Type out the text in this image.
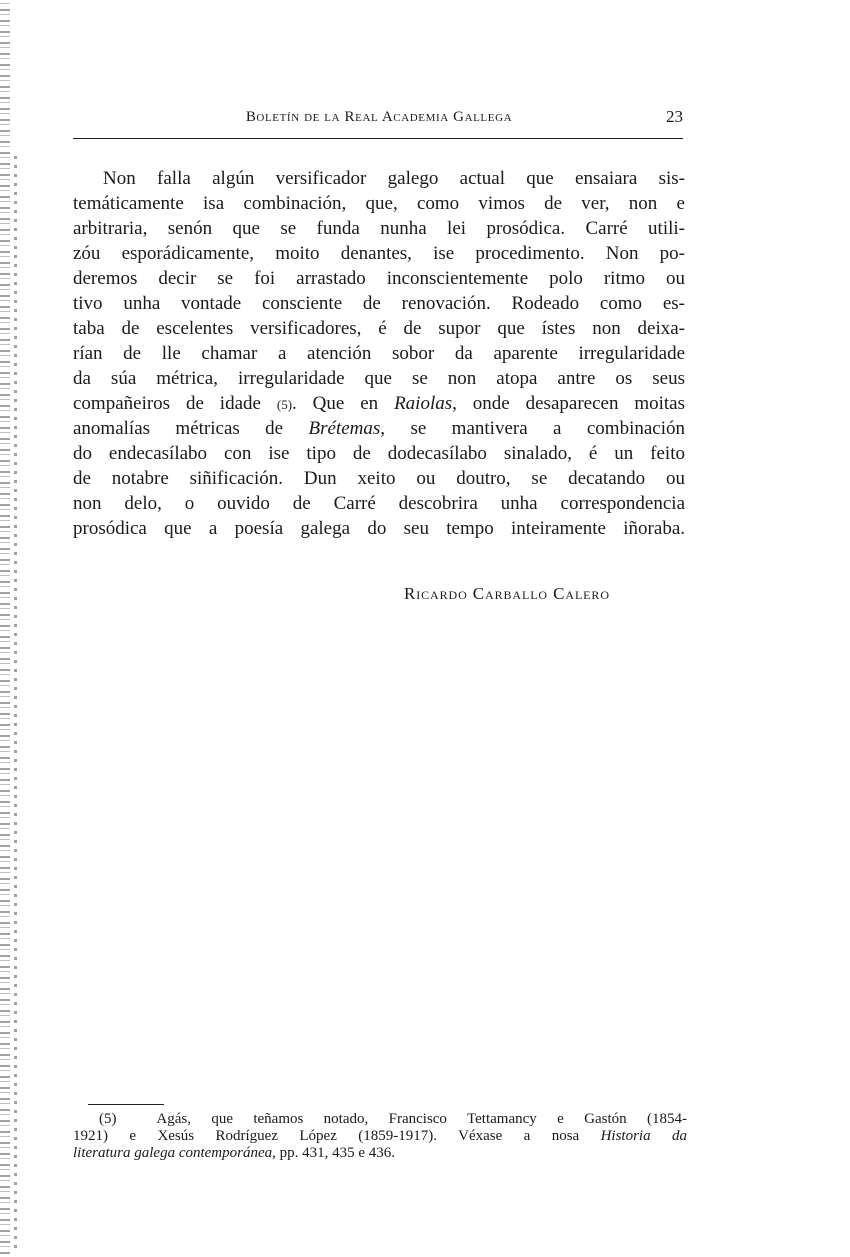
Boletín de la Real Academia Gallega	23
Non falla algún versificador galego actual que ensaiara sis-
temáticamente isa combinación, que, como vimos de ver, non e
arbitraria, senón que se funda nunha lei prosódica. Carré utili-
zóu esporádicamente, moito denantes, ise procedimento. Non po-
deremos decir se foi arrastado inconscientemente polo ritmo ou
tivo unha vontade consciente de renovación. Rodeado como es-
taba de escelentes versificadores, é de supor que ístes non deixa-
rían de lle chamar a atención sobor da aparente irregularidade
da súa métrica, irregularidade que se non atopa antre os seus
compañeiros de idade (5). Que en Raiolas, onde desaparecen moitas
anomalías métricas de Brétemas, se mantivera a combinación
do endecasílabo con ise tipo de dodecasílabo sinalado, é un feito
de notabre siñificación. Dun xeito ou doutro, se decatando ou
non delo, o ouvido de Carré descobrira unha correspondencia
prosódica que a poesía galega do seu tempo inteiramente iñoraba.
Ricardo Carballo Calero
(5)	Agás, que teñamos notado, Francisco Tettamancy e Gastón (1854-
1921) e Xesús Rodríguez López (1859-1917). Véxase a nosa Historia da
literatura galega contemporánea, pp. 431, 435 e 436.
